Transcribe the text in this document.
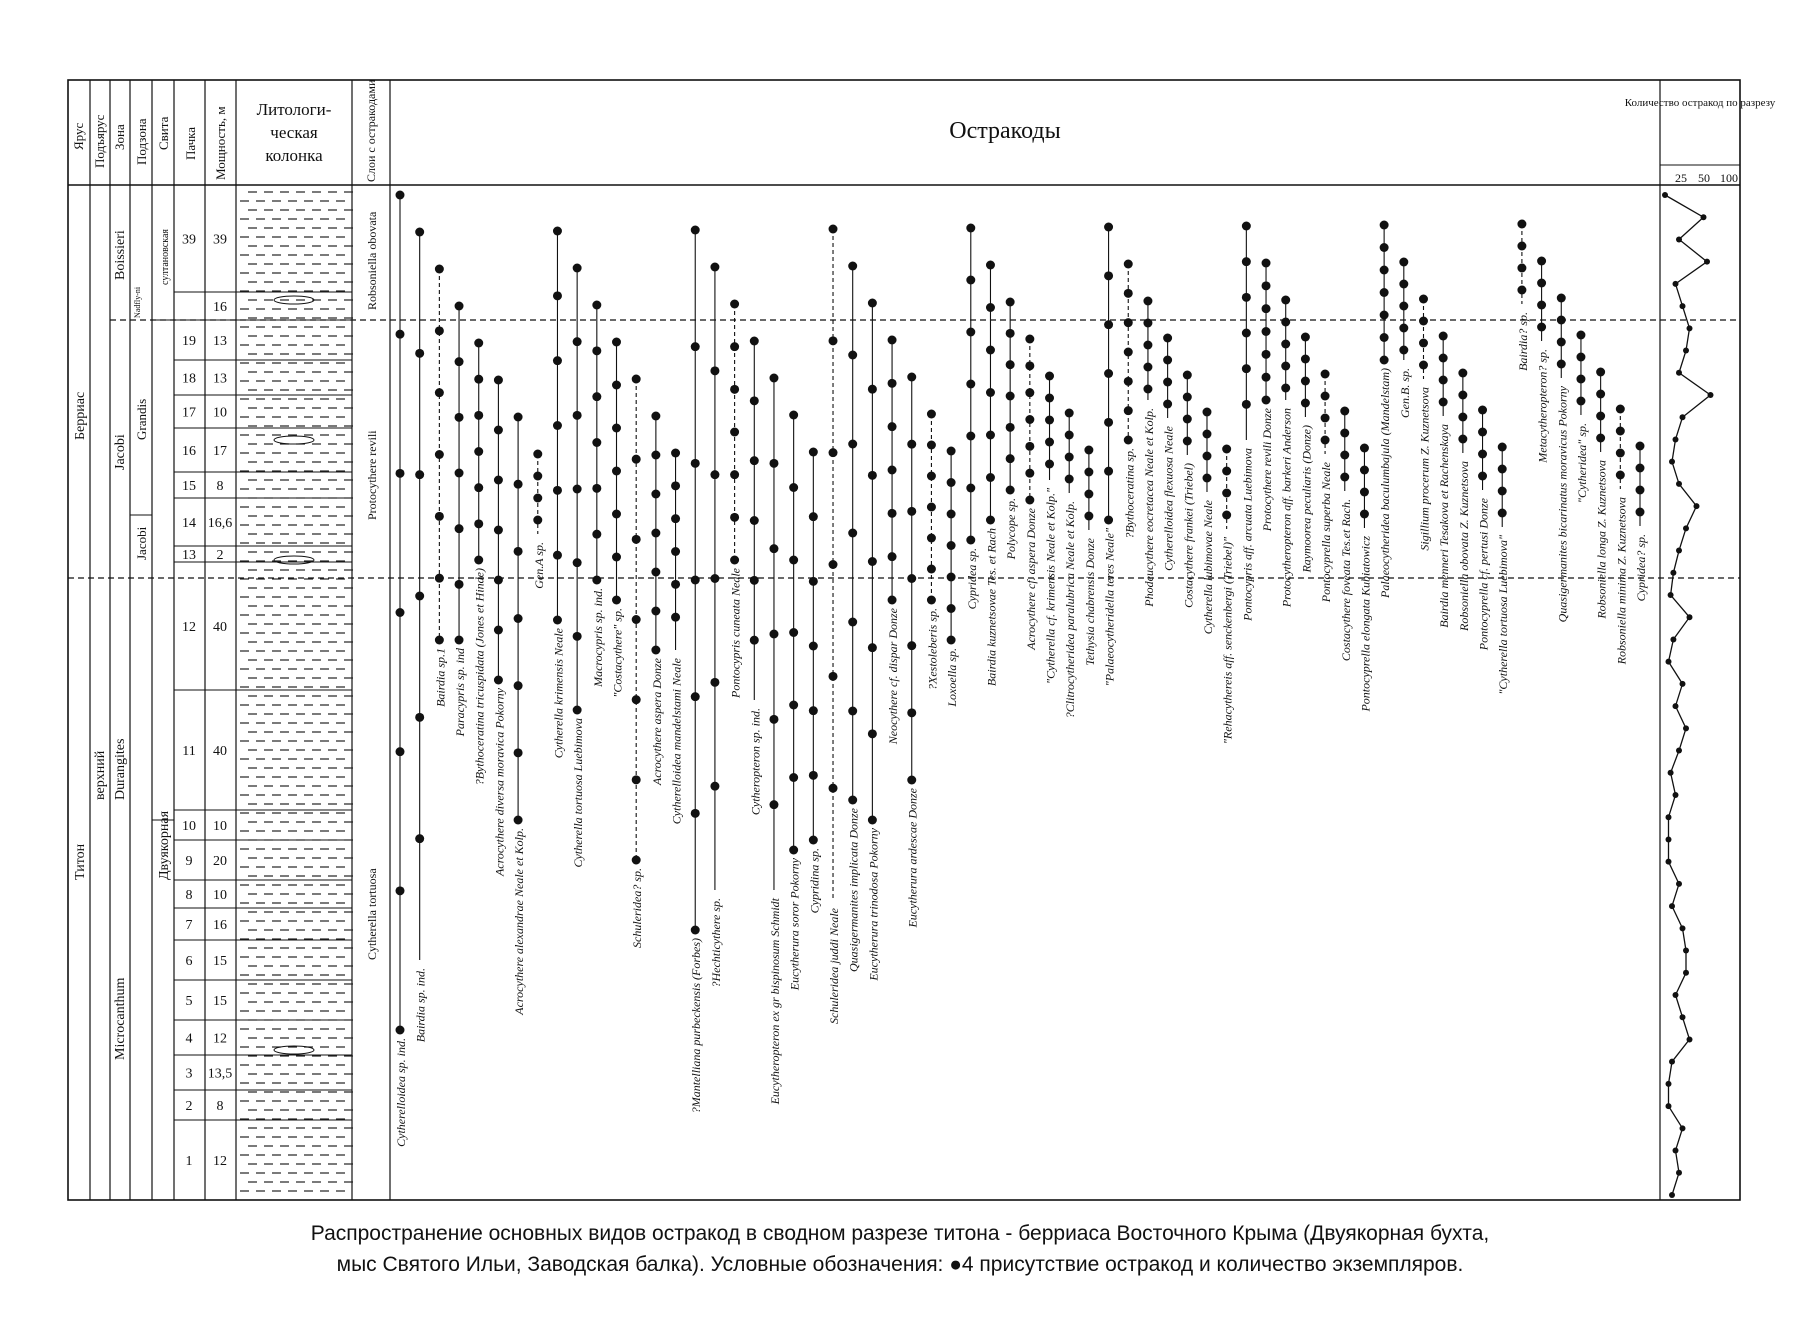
Ярус Подъярус Зона Подзона Свита Пачка Мощность, м Литологи-
ческая
колонка	Слои с остракодами	Остракоды
Количество остракод по разрезу
25 50 100
Берриас
Титон
верхний
Boissieri
Jacobi
Durangites
Microcanthum
Jacobi
Grandis
султановская
Nadfly-ni
Двуякорная
Robsoniella obovata
Protocythere revili
Cytherella tortuosa
39 39
16
19 13
18 13
17 10
16 17
15 8
14 16,6
13 2
12 40
11 40
10 10
9 20
8 10
7 16
6 15
5 15
4 12
3 13,5
2 8
1 12
Cytherelloidea sp. ind.
Bairdia sp. ind.
Bairdia sp.1 Paracypris sp. ind ?Bythoceratina tricuspidata (Jones et Hinde) Acrocythere diversa moravica Pokorny
Acrocythere alexandrae Neale et Kolp.
Gen.A sp.
Cytherella krimensis Neale
Cytherella tortuosa Luebimova
Macrocypris sp. ind. "Costacythere" sp.
Schuleridea? sp.
Acrocythere aspera Donze Cytherelloidea mandelstami Neale
?Mantelliana purbeckensis (Forbes) ?Hechticythere sp.
Pontocypris cuneata Neale
Cytheropteron sp. ind.
Eucytheropteron ex gr bispinosum Schmidt Eucytherura soror Pokorny Cypridina sp.
Schuleridea juddi Neale Quasigermanites implicata Donze Eucytherura trinodosa Pokorny
Neocythere cf. dispar Donze
Eucytherura ardescae Donze
?Xestoleberis sp. Loxoella sp.
Cypridea sp. Bairdia kuznetsovae Tes. et Rach Polycope sp. Acrocythere cf. aspera Donze "Cytherella cf. krimensis Neale et Kolp." ?Clitrocytheridea paralubrica Neale et Kolp. Tethysia chabrensis Donze "Palaeocytheridella teres Neale"
?Bythoceratina sp. Phodeucythere eocretacea Neale et Kolp. Cytherelloidea flexuosa Neale Costacythere frankei (Triebel) Cytherella lubimovae Neale "Rehacythereis aff. senckenbergi (Triebel)"
Pontocypris aff. arcuata Luebimova Protocythere revili Donze Protocytheropteron aff. barkeri Anderson Raymoorea peculiaris (Donze) Pontocyprella superba Neale Costacythere foveata Tes.et Rach. Pontocyprella elongata Kubiatowicz
Palaeocytheridea baculumbajula (Mandelstam) Gen.B. sp. Sigillium procerum Z. Kuznetsova Bairdia menneri Tesakova et Rachenskaya Robsoniella obovata Z. Kuznetsova Pontocyprella cf. pertusi Donze "Cytherella tortuosa Luebimova"
Bairdia? sp.
Metacytheropteron? sp. Quasigermanites bicarinatus moravicus Pokorny "Cytheridea" sp. Robsoniella longa Z. Kuznetsova Robsoniella minima Z. Kuznetsova Cypridea? sp.
Распространение основных видов остракод в сводном разрезе титона - берриаса Восточного Крыма (Двуякорная бухта,
мыс Святого Ильи, Заводская балка). Условные обозначения: ●4 присутствие остракод и количество экземпляров.
